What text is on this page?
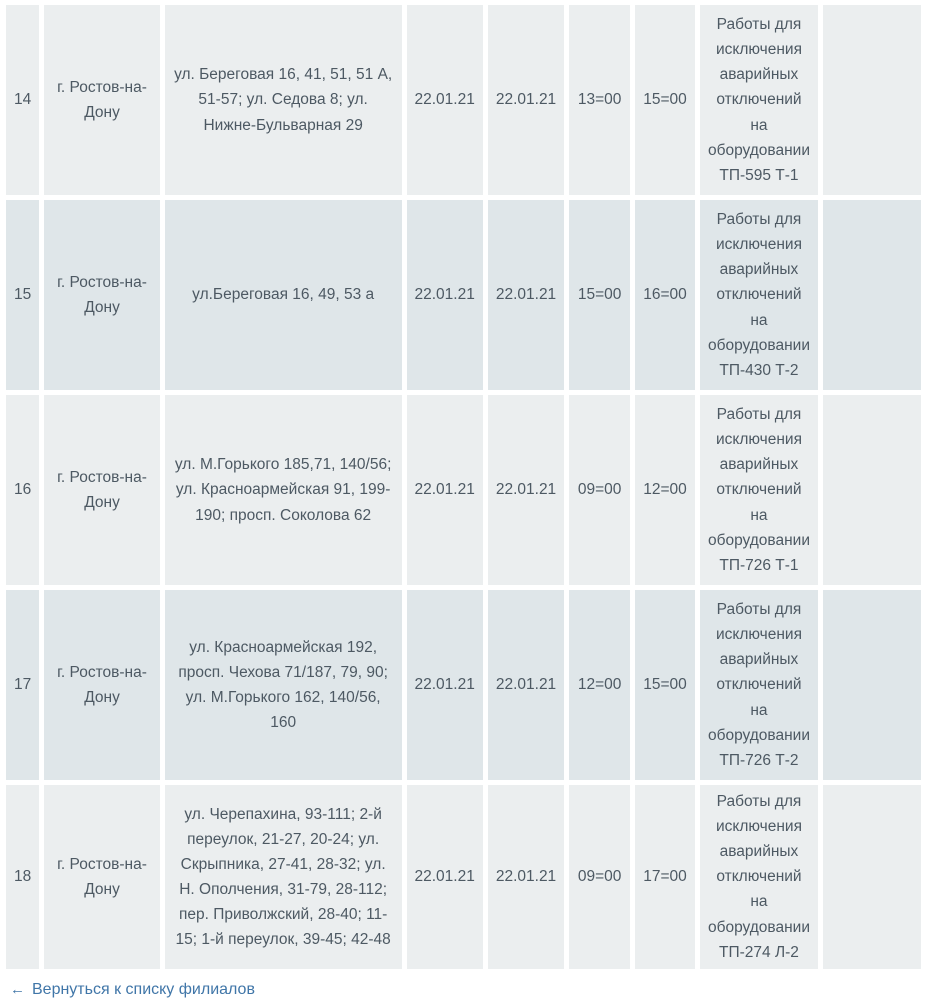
14	г. Ростов-на-Дону	ул. Береговая 16, 41, 51, 51 А, 51-57; ул. Седова 8; ул. Нижне-Бульварная 29	22.01.21	22.01.21	13=00	15=00	Работы для исключения аварийных отключений на оборудовании ТП-595 Т-1	
15	г. Ростов-на-Дону	ул.Береговая 16, 49, 53 а	22.01.21	22.01.21	15=00	16=00	Работы для исключения аварийных отключений на оборудовании ТП-430 Т-2	
16	г. Ростов-на-Дону	ул. М.Горького 185,71, 140/56; ул. Красноармейская 91, 199-190; просп. Соколова 62	22.01.21	22.01.21	09=00	12=00	Работы для исключения аварийных отключений на оборудовании ТП-726 Т-1	
17	г. Ростов-на-Дону	ул. Красноармейская 192, просп. Чехова 71/187, 79, 90; ул. М.Горького 162, 140/56, 160	22.01.21	22.01.21	12=00	15=00	Работы для исключения аварийных отключений на оборудовании ТП-726 Т-2	
18	г. Ростов-на-Дону	ул. Черепахина, 93-111; 2-й переулок, 21-27, 20-24; ул. Скрыпника, 27-41, 28-32; ул. Н. Ополчения, 31-79, 28-112; пер. Приволжский, 28-40; 11-15; 1-й переулок, 39-45; 42-48	22.01.21	22.01.21	09=00	17=00	Работы для исключения аварийных отключений на оборудовании ТП-274 Л-2	
← Вернуться к списку филиалов
